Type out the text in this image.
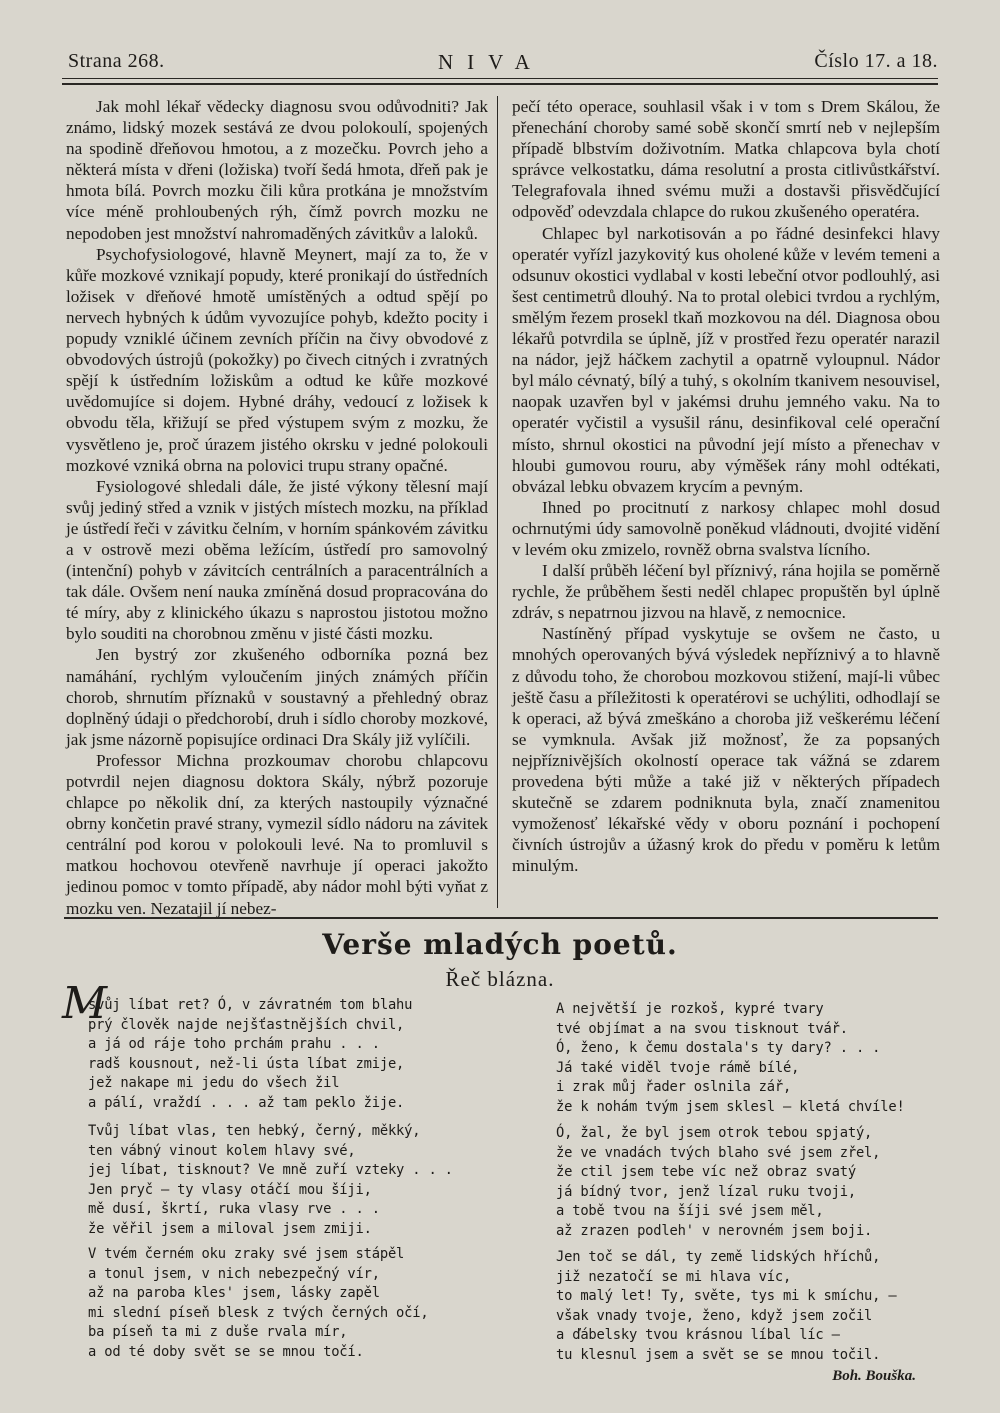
Strana 268.	NIVA	Číslo 17. a 18.

Jak mohl lékař vědecky diagnosu svou odůvodniti? Jak známo, lidský mozek sestává ze dvou polokoulí, spojených na spodině dřeňovou hmotou, a z mozečku. Povrch jeho a některá místa v dřeni (ložiska) tvoří šedá hmota, dřeň pak je hmota bílá. Povrch mozku čili kůra protkána je množstvím více méně prohloubených rýh, čímž povrch mozku ne nepodoben jest množství nahromaděných závitkův a laloků.

Psychofysiologové, hlavně Meynert, mají za to, že v kůře mozkové vznikají popudy, které pronikají do ústředních ložisek v dřeňové hmotě umístěných a odtud spějí po nervech hybných k údům vyvozujíce pohyb, kdežto pocity i popudy vzniklé účinem zevních příčin na čivy obvodové z obvodových ústrojů (pokožky) po čivech citných i zvratných spějí k ústředním ložiskům a odtud ke kůře mozkové uvědomujíce si dojem. Hybné dráhy, vedoucí z ložisek k obvodu těla, křižují se před výstupem svým z mozku, že vysvětleno je, proč úrazem jistého okrsku v jedné polokouli mozkové vzniká obrna na polovici trupu strany opačné.

Fysiologové shledali dále, že jisté výkony tělesní mají svůj jediný střed a vznik v jistých místech mozku, na příklad je ústředí řeči v závitku čelním, v horním spánkovém závitku a v ostrově mezi oběma ležícím, ústředí pro samovolný (intenční) pohyb v závitcích centrálních a paracentrálních a tak dále. Ovšem není nauka zmíněná dosud propracována do té míry, aby z klinického úkazu s naprostou jistotou možno bylo souditi na chorobnou změnu v jisté části mozku.

Jen bystrý zor zkušeného odborníka pozná bez namáhání, rychlým vyloučením jiných známých příčin chorob, shrnutím příznaků v soustavný a přehledný obraz doplněný údaji o předchorobí, druh i sídlo choroby mozkové, jak jsme názorně popisujíce ordinaci Dra Skály již vylíčili.

Professor Michna prozkoumav chorobu chlapcovu potvrdil nejen diagnosu doktora Skály, nýbrž pozoruje chlapce po několik dní, za kterých nastoupily význačné obrny končetin pravé strany, vymezil sídlo nádoru na závitek centrální pod korou v polokouli levé. Na to promluvil s matkou hochovou otevřeně navrhuje jí operaci jakožto jedinou pomoc v tomto případě, aby nádor mohl býti vyňat z mozku ven. Nezatajil jí nebez-

pečí této operace, souhlasil však i v tom s Drem Skálou, že přenechání choroby samé sobě skončí smrtí neb v nejlepším případě blbstvím doživotním. Matka chlapcova byla chotí správce velkostatku, dáma resolutní a prosta citlivůstkářství. Telegrafovala ihned svému muži a dostavši přisvědčující odpověď odevzdala chlapce do rukou zkušeného operatéra.

Chlapec byl narkotisován a po řádné desinfekci hlavy operatér vyřízl jazykovitý kus oholené kůže v levém temeni a odsunuv okostici vydlabal v kosti lebeční otvor podlouhlý, asi šest centimetrů dlouhý. Na to protal olebici tvrdou a rychlým, smělým řezem prosekl tkaň mozkovou na dél. Diagnosa obou lékařů potvrdila se úplně, jíž v prostřed řezu operatér narazil na nádor, jejž háčkem zachytil a opatrně vyloupnul. Nádor byl málo cévnatý, bílý a tuhý, s okolním tkanivem nesouvisel, naopak uzavřen byl v jakémsi druhu jemného vaku. Na to operatér vyčistil a vysušil ránu, desinfikoval celé operační místo, shrnul okostici na původní její místo a přenechav v hloubi gumovou rouru, aby výměšek rány mohl odtékati, obvázal lebku obvazem krycím a pevným.

Ihned po procitnutí z narkosy chlapec mohl dosud ochrnutými údy samovolně poněkud vládnouti, dvojité vidění v levém oku zmizelo, rovněž obrna svalstva lícního.

I další průběh léčení byl příznivý, rána hojila se poměrně rychle, že průběhem šesti neděl chlapec propuštěn byl úplně zdráv, s nepatrnou jizvou na hlavě, z nemocnice.

Nastíněný případ vyskytuje se ovšem ne často, u mnohých operovaných bývá výsledek nepříznivý a to hlavně z důvodu toho, že chorobou mozkovou stižení, mají-li vůbec ještě času a příležitosti k operatérovi se uchýliti, odhodlají se k operaci, až bývá zmeškáno a choroba již veškerému léčení se vymknula. Avšak již možnosť, že za popsaných nejpříznivějších okolností operace tak vážná se zdarem provedena býti může a také již v některých případech skutečně se zdarem podniknuta byla, značí znamenitou vymoženosť lékařské vědy v oboru poznání i pochopení čivních ústrojův a úžasný krok do předu v poměru k letům minulým.

Verše mladých poetů.
Řeč blázna.
M
svůj líbat ret? Ó, v závratném tom blahu
prý člověk najde nejšťastnějších chvil,
a já od ráje toho prchám prahu . . .
radš kousnout, než-li ústa líbat zmije,
jež nakape mi jedu do všech žil
a pálí, vraždí . . . až tam peklo žije.
Tvůj líbat vlas, ten hebký, černý, měkký,
ten vábný vinout kolem hlavy své,
jej líbat, tisknout? Ve mně zuří vzteky . . .
Jen pryč — ty vlasy otáčí mou šíji,
mě dusí, škrtí, ruka vlasy rve . . .
že věřil jsem a miloval jsem zmiji.
V tvém černém oku zraky své jsem stápěl
a tonul jsem, v nich nebezpečný vír,
až na paroba kles' jsem, lásky zapěl
mi slední píseň blesk z tvých černých očí,
ba píseň ta mi z duše rvala mír,
a od té doby svět se se mnou točí.
A největší je rozkoš, kypré tvary
tvé objímat a na svou tisknout tvář.
Ó, ženo, k čemu dostala's ty dary? . . .
Já také viděl tvoje rámě bílé,
i zrak můj řader oslnila zář,
že k nohám tvým jsem sklesl — kletá chvíle!
Ó, žal, že byl jsem otrok tebou spjatý,
že ve vnadách tvých blaho své jsem zřel,
že ctil jsem tebe víc než obraz svatý
já bídný tvor, jenž lízal ruku tvoji,
a tobě tvou na šíji své jsem měl,
až zrazen podleh' v nerovném jsem boji.
Jen toč se dál, ty země lidských hříchů,
již nezatočí se mi hlava víc,
to malý let! Ty, světe, tys mi k smíchu, —
však vnady tvoje, ženo, když jsem zočil
a ďábelsky tvou krásnou líbal líc —
tu klesnul jsem a svět se se mnou točil.
Boh. Bouška.
